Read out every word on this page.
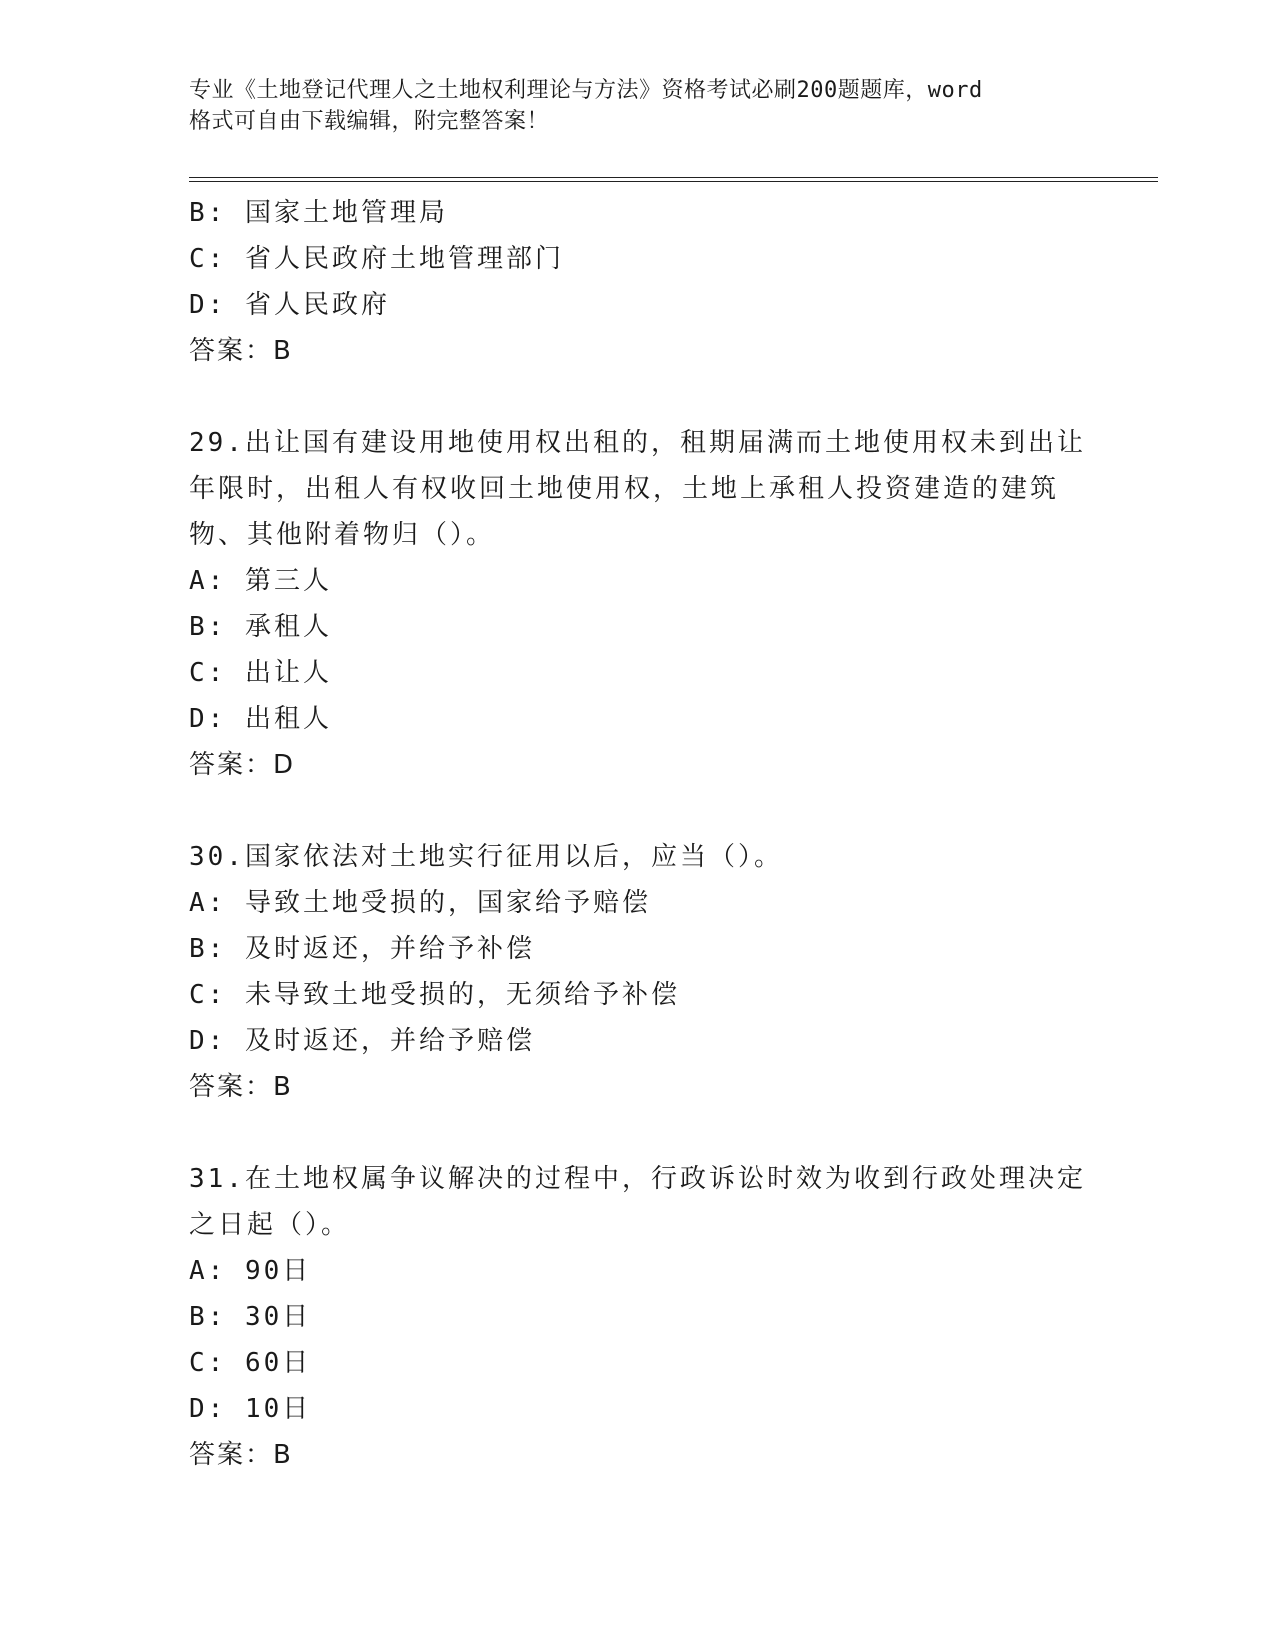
专业《土地登记代理人之土地权利理论与方法》资格考试必刷200题题库，word
格式可自由下载编辑，附完整答案！
B: 国家土地管理局
C: 省人民政府土地管理部门
D: 省人民政府
答案：B
29.出让国有建设用地使用权出租的，租期届满而土地使用权未到出让
年限时，出租人有权收回土地使用权，土地上承租人投资建造的建筑
物、其他附着物归（）。
A: 第三人
B: 承租人
C: 出让人
D: 出租人
答案：D
30.国家依法对土地实行征用以后，应当（）。
A: 导致土地受损的，国家给予赔偿
B: 及时返还，并给予补偿
C: 未导致土地受损的，无须给予补偿
D: 及时返还，并给予赔偿
答案：B
31.在土地权属争议解决的过程中，行政诉讼时效为收到行政处理决定
之日起（）。
A: 90日
B: 30日
C: 60日
D: 10日
答案：B
